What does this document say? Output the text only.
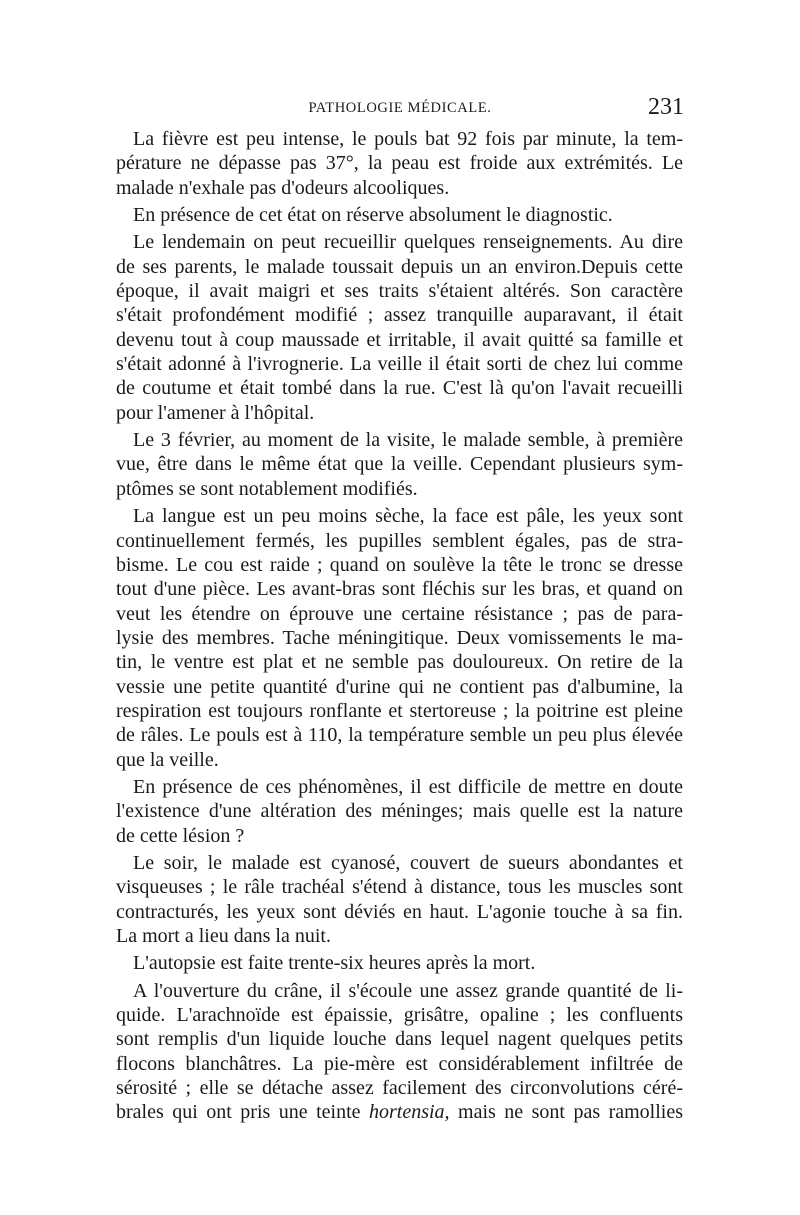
PATHOLOGIE MÉDICALE.	231
La fièvre est peu intense, le pouls bat 92 fois par minute, la tem-
pérature ne dépasse pas 37°, la peau est froide aux extrémités. Le
malade n'exhale pas d'odeurs alcooliques.
En présence de cet état on réserve absolument le diagnostic.
Le lendemain on peut recueillir quelques renseignements. Au dire
de ses parents, le malade toussait depuis un an environ.Depuis cette
époque, il avait maigri et ses traits s'étaient altérés. Son caractère
s'était profondément modifié ; assez tranquille auparavant, il était
devenu tout à coup maussade et irritable, il avait quitté sa famille et
s'était adonné à l'ivrognerie. La veille il était sorti de chez lui comme
de coutume et était tombé dans la rue. C'est là qu'on l'avait recueilli
pour l'amener à l'hôpital.
Le 3 février, au moment de la visite, le malade semble, à première
vue, être dans le même état que la veille. Cependant plusieurs sym-
ptômes se sont notablement modifiés.
La langue est un peu moins sèche, la face est pâle, les yeux sont
continuellement fermés, les pupilles semblent égales, pas de stra-
bisme. Le cou est raide ; quand on soulève la tête le tronc se dresse
tout d'une pièce. Les avant-bras sont fléchis sur les bras, et quand on
veut les étendre on éprouve une certaine résistance ; pas de para-
lysie des membres. Tache méningitique. Deux vomissements le ma-
tin, le ventre est plat et ne semble pas douloureux. On retire de la
vessie une petite quantité d'urine qui ne contient pas d'albumine, la
respiration est toujours ronflante et stertoreuse ; la poitrine est pleine
de râles. Le pouls est à 110, la température semble un peu plus élevée
que la veille.
En présence de ces phénomènes, il est difficile de mettre en doute
l'existence d'une altération des méninges; mais quelle est la nature
de cette lésion ?
Le soir, le malade est cyanosé, couvert de sueurs abondantes et
visqueuses ; le râle trachéal s'étend à distance, tous les muscles sont
contracturés, les yeux sont déviés en haut. L'agonie touche à sa fin.
La mort a lieu dans la nuit.
L'autopsie est faite trente-six heures après la mort.
A l'ouverture du crâne, il s'écoule une assez grande quantité de li-
quide. L'arachnoïde est épaissie, grisâtre, opaline ; les confluents
sont remplis d'un liquide louche dans lequel nagent quelques petits
flocons blanchâtres. La pie-mère est considérablement infiltrée de
sérosité ; elle se détache assez facilement des circonvolutions céré-
brales qui ont pris une teinte hortensia, mais ne sont pas ramollies
